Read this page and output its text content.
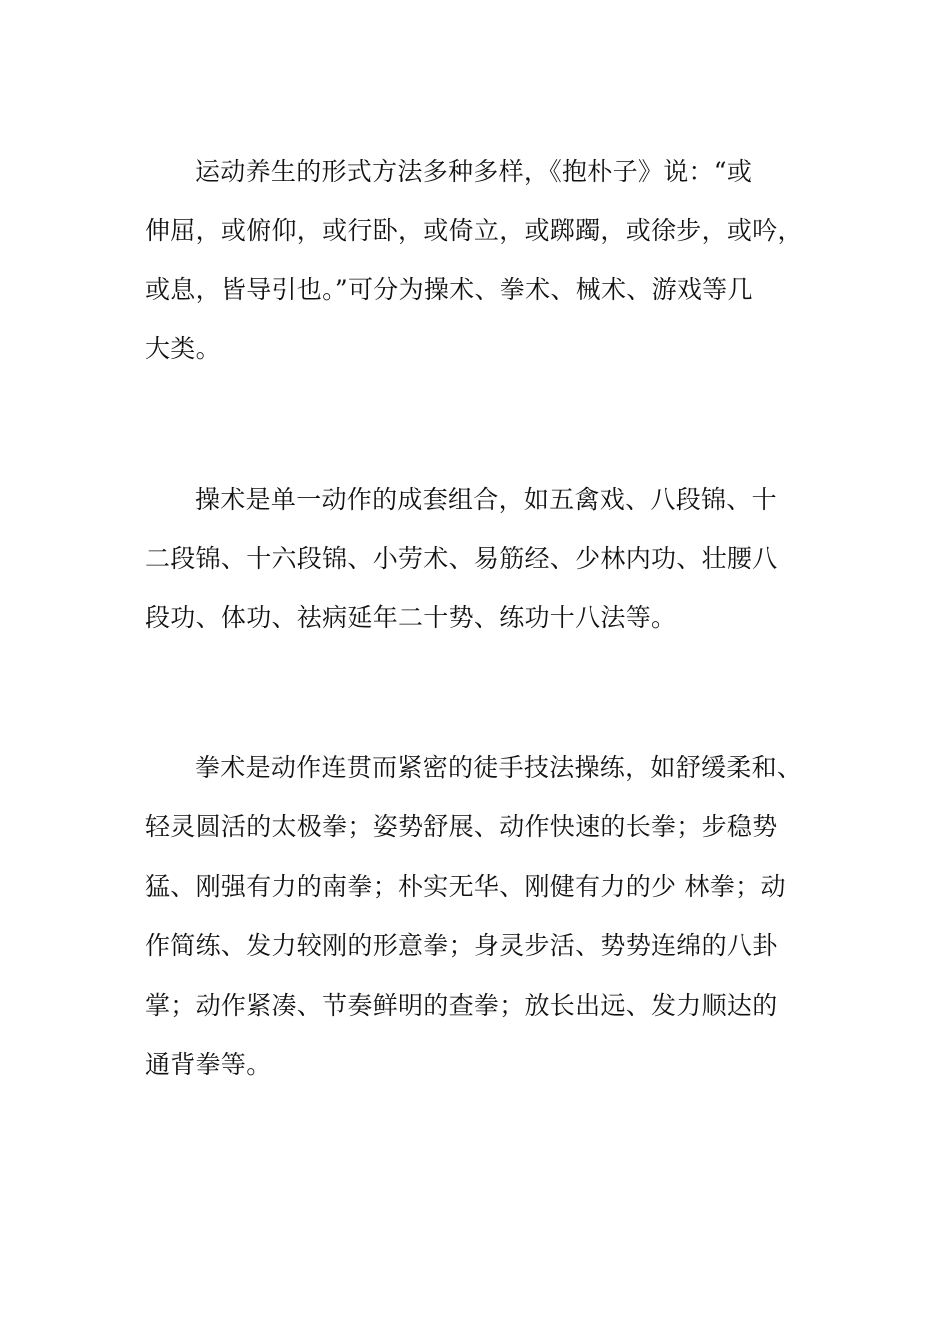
运动养生的形式方法多种多样，《抱朴子》说：“或
伸屈，或俯仰，或行卧，或倚立，或踯躅，或徐步，或吟，
或息，皆导引也。”可分为操术、拳术、械术、游戏等几
大类。
操术是单一动作的成套组合，如五禽戏、八段锦、十
二段锦、十六段锦、小劳术、易筋经、少林内功、壮腰八
段功、体功、祛病延年二十势、练功十八法等。
拳术是动作连贯而紧密的徒手技法操练，如舒缓柔和、
轻灵圆活的太极拳；姿势舒展、动作快速的长拳；步稳势
猛、刚强有力的南拳；朴实无华、刚健有力的少 林拳；动
作简练、发力较刚的形意拳；身灵步活、势势连绵的八卦
掌；动作紧凑、节奏鲜明的查拳；放长出远、发力顺达的
通背拳等。
